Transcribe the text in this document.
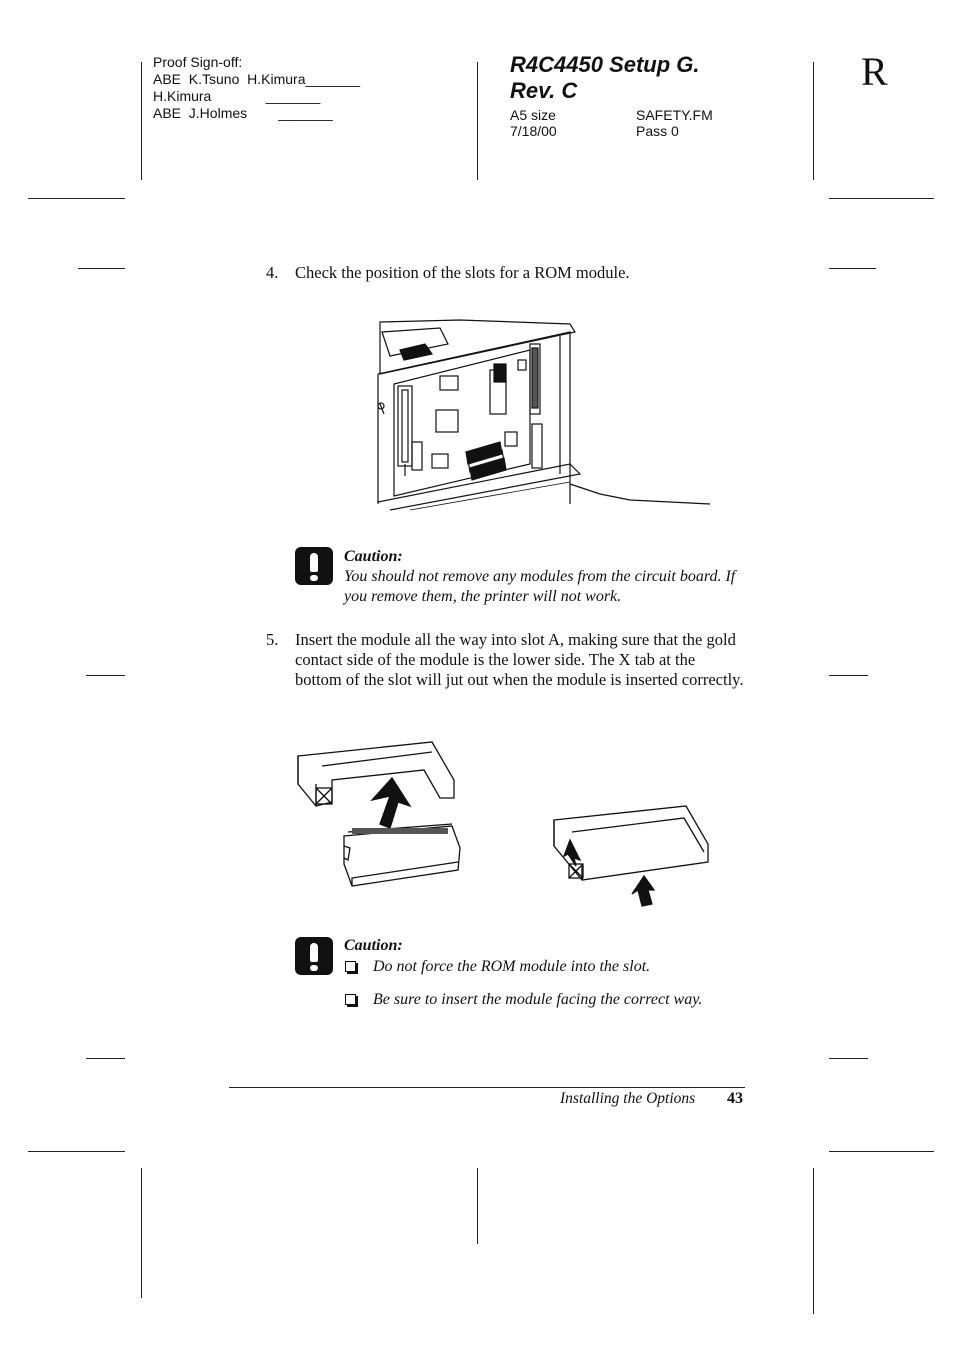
Proof Sign-off:
ABE  K.Tsuno  H.Kimura_______
H.Kimura              _______
ABE  J.Holmes        _______
R4C4450 Setup G.
Rev. C
A5 size	SAFETY.FM
7/18/00	Pass 0
R
4. Check the position of the slots for a ROM module.
Caution:
You should not remove any modules from the circuit board. If you remove them, the printer will not work.
5. Insert the module all the way into slot A, making sure that the gold contact side of the module is the lower side. The X tab at the bottom of the slot will jut out when the module is inserted correctly.
Caution:
Do not force the ROM module into the slot.
Be sure to insert the module facing the correct way.
Installing the Options 43
